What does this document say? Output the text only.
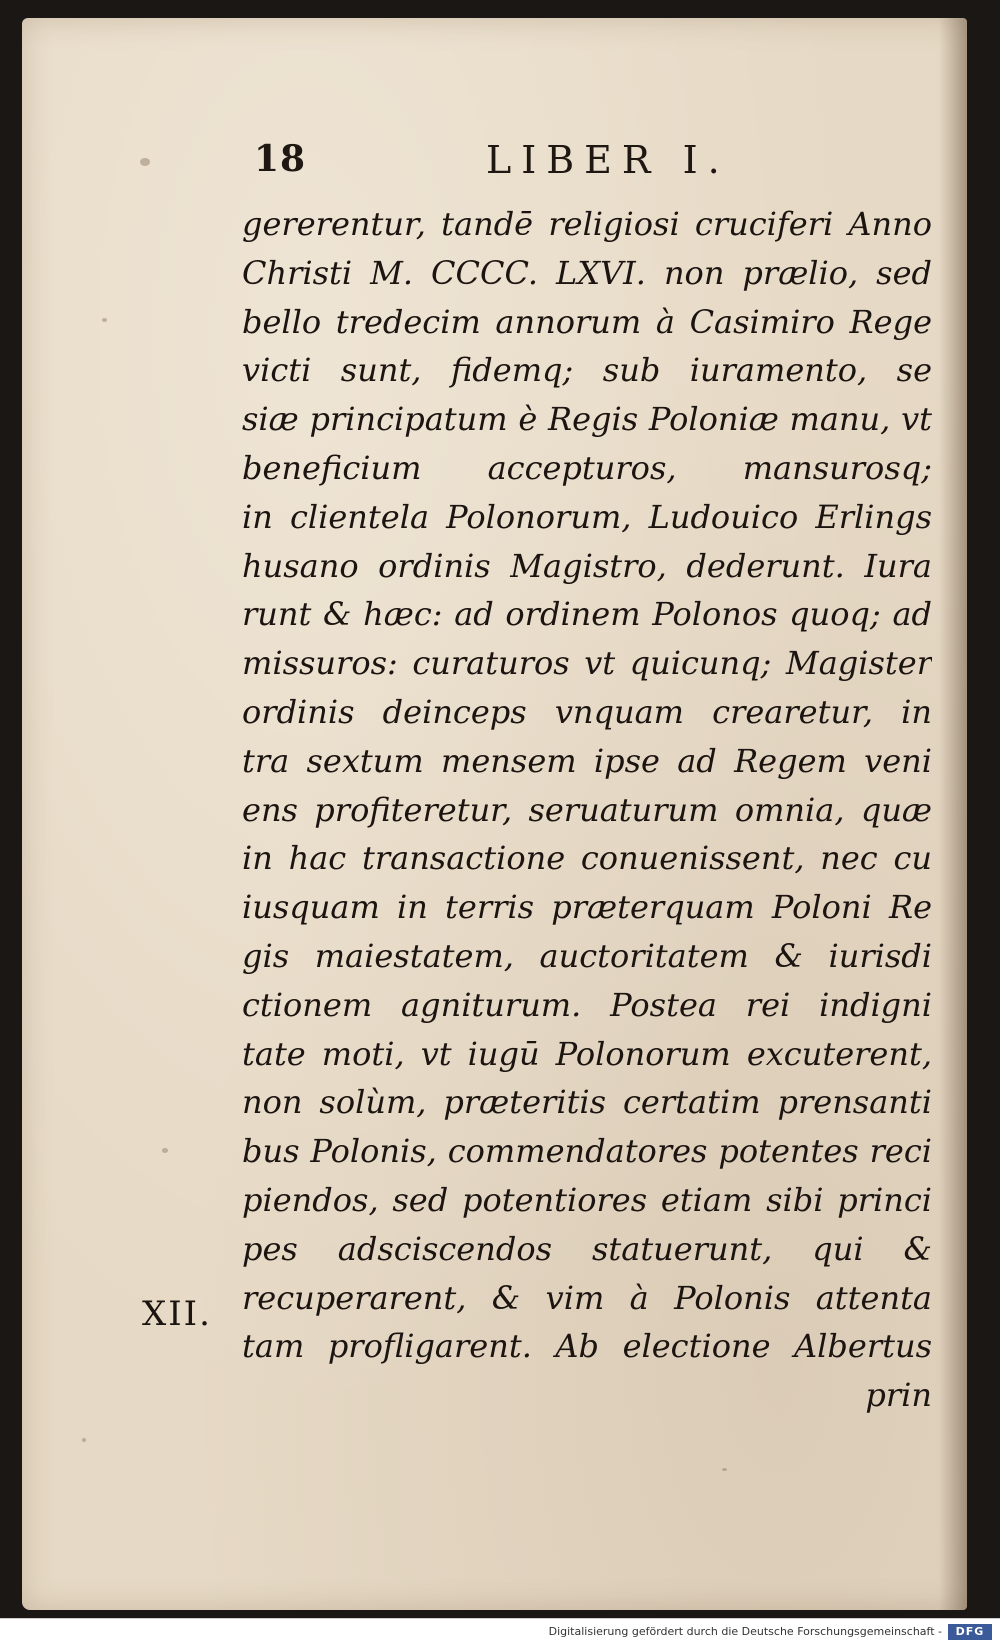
18	LIBER I.
gererentur, tandē religiosi cruciferi Anno
Christi M. CCCC. LXVI. non prælio, sed
bello tredecim annorum à Casimiro Rege
victi sunt, fidemq; sub iuramento, se
siæ principatum è Regis Poloniæ manu, vt
beneficium accepturos, mansurosq;
in clientela Polonorum, Ludouico Erlings
husano ordinis Magistro, dederunt. Iura
runt & hæc: ad ordinem Polonos quoq; ad
missuros: curaturos vt quicunq; Magister
ordinis deinceps vnquam crearetur, in
tra sextum mensem ipse ad Regem veni
ens profiteretur, seruaturum omnia, quæ
in hac transactione conuenissent, nec cu
iusquam in terris præterquam Poloni Re
gis maiestatem, auctoritatem & iurisdi
ctionem agniturum. Postea rei indigni
tate moti, vt iugū Polonorum excuterent,
non solùm, præteritis certatim prensanti
bus Polonis, commendatores potentes reci
piendos, sed potentiores etiam sibi princi
pes adsciscendos statuerunt, qui &
recuperarent, & vim à Polonis attenta
tam profligarent. Ab electione Albertus
prin
XII.
Digitalisierung gefördert durch die Deutsche Forschungsgemeinschaft -	DFG
